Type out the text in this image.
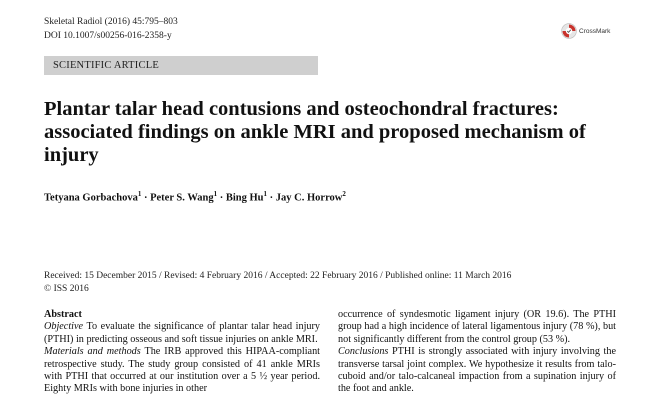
Skeletal Radiol (2016) 45:795–803
DOI 10.1007/s00256-016-2358-y	CrossMark
SCIENTIFIC ARTICLE
Plantar talar head contusions and osteochondral fractures: associated findings on ankle MRI and proposed mechanism of injury
Tetyana Gorbachova$^1$ · Peter S. Wang$^1$ · Bing $Hu^1$ · Jay C. Horrow$^2$
Received: 15 December 2015 / Revised: 4 February 2016 / Accepted: 22 February 2016 / Published online: 11 March 2016
© ISS 2016

Abstract

Objective To evaluate the significance of plantar talar head injury (PTHI) in predicting osseous and soft tissue injuries on ankle MRI.

Materials and methods The IRB approved this HIPAA-compliant retrospective study. The study group consisted of 41 ankle MRIs with PTHI that occurred at our institution over a 5 ½ year period. Eighty MRIs with bone injuries in other

occurrence of syndesmotic ligament injury (OR 19.6). The PTHI group had a high incidence of lateral ligamentous injury (78 %), but not significantly different from the control group (53 %).

Conclusions PTHI is strongly associated with injury involving the transverse tarsal joint complex. We hypothesize it results from talo-cuboid and/or talo-calcaneal impaction from a supination injury of the foot and ankle.
